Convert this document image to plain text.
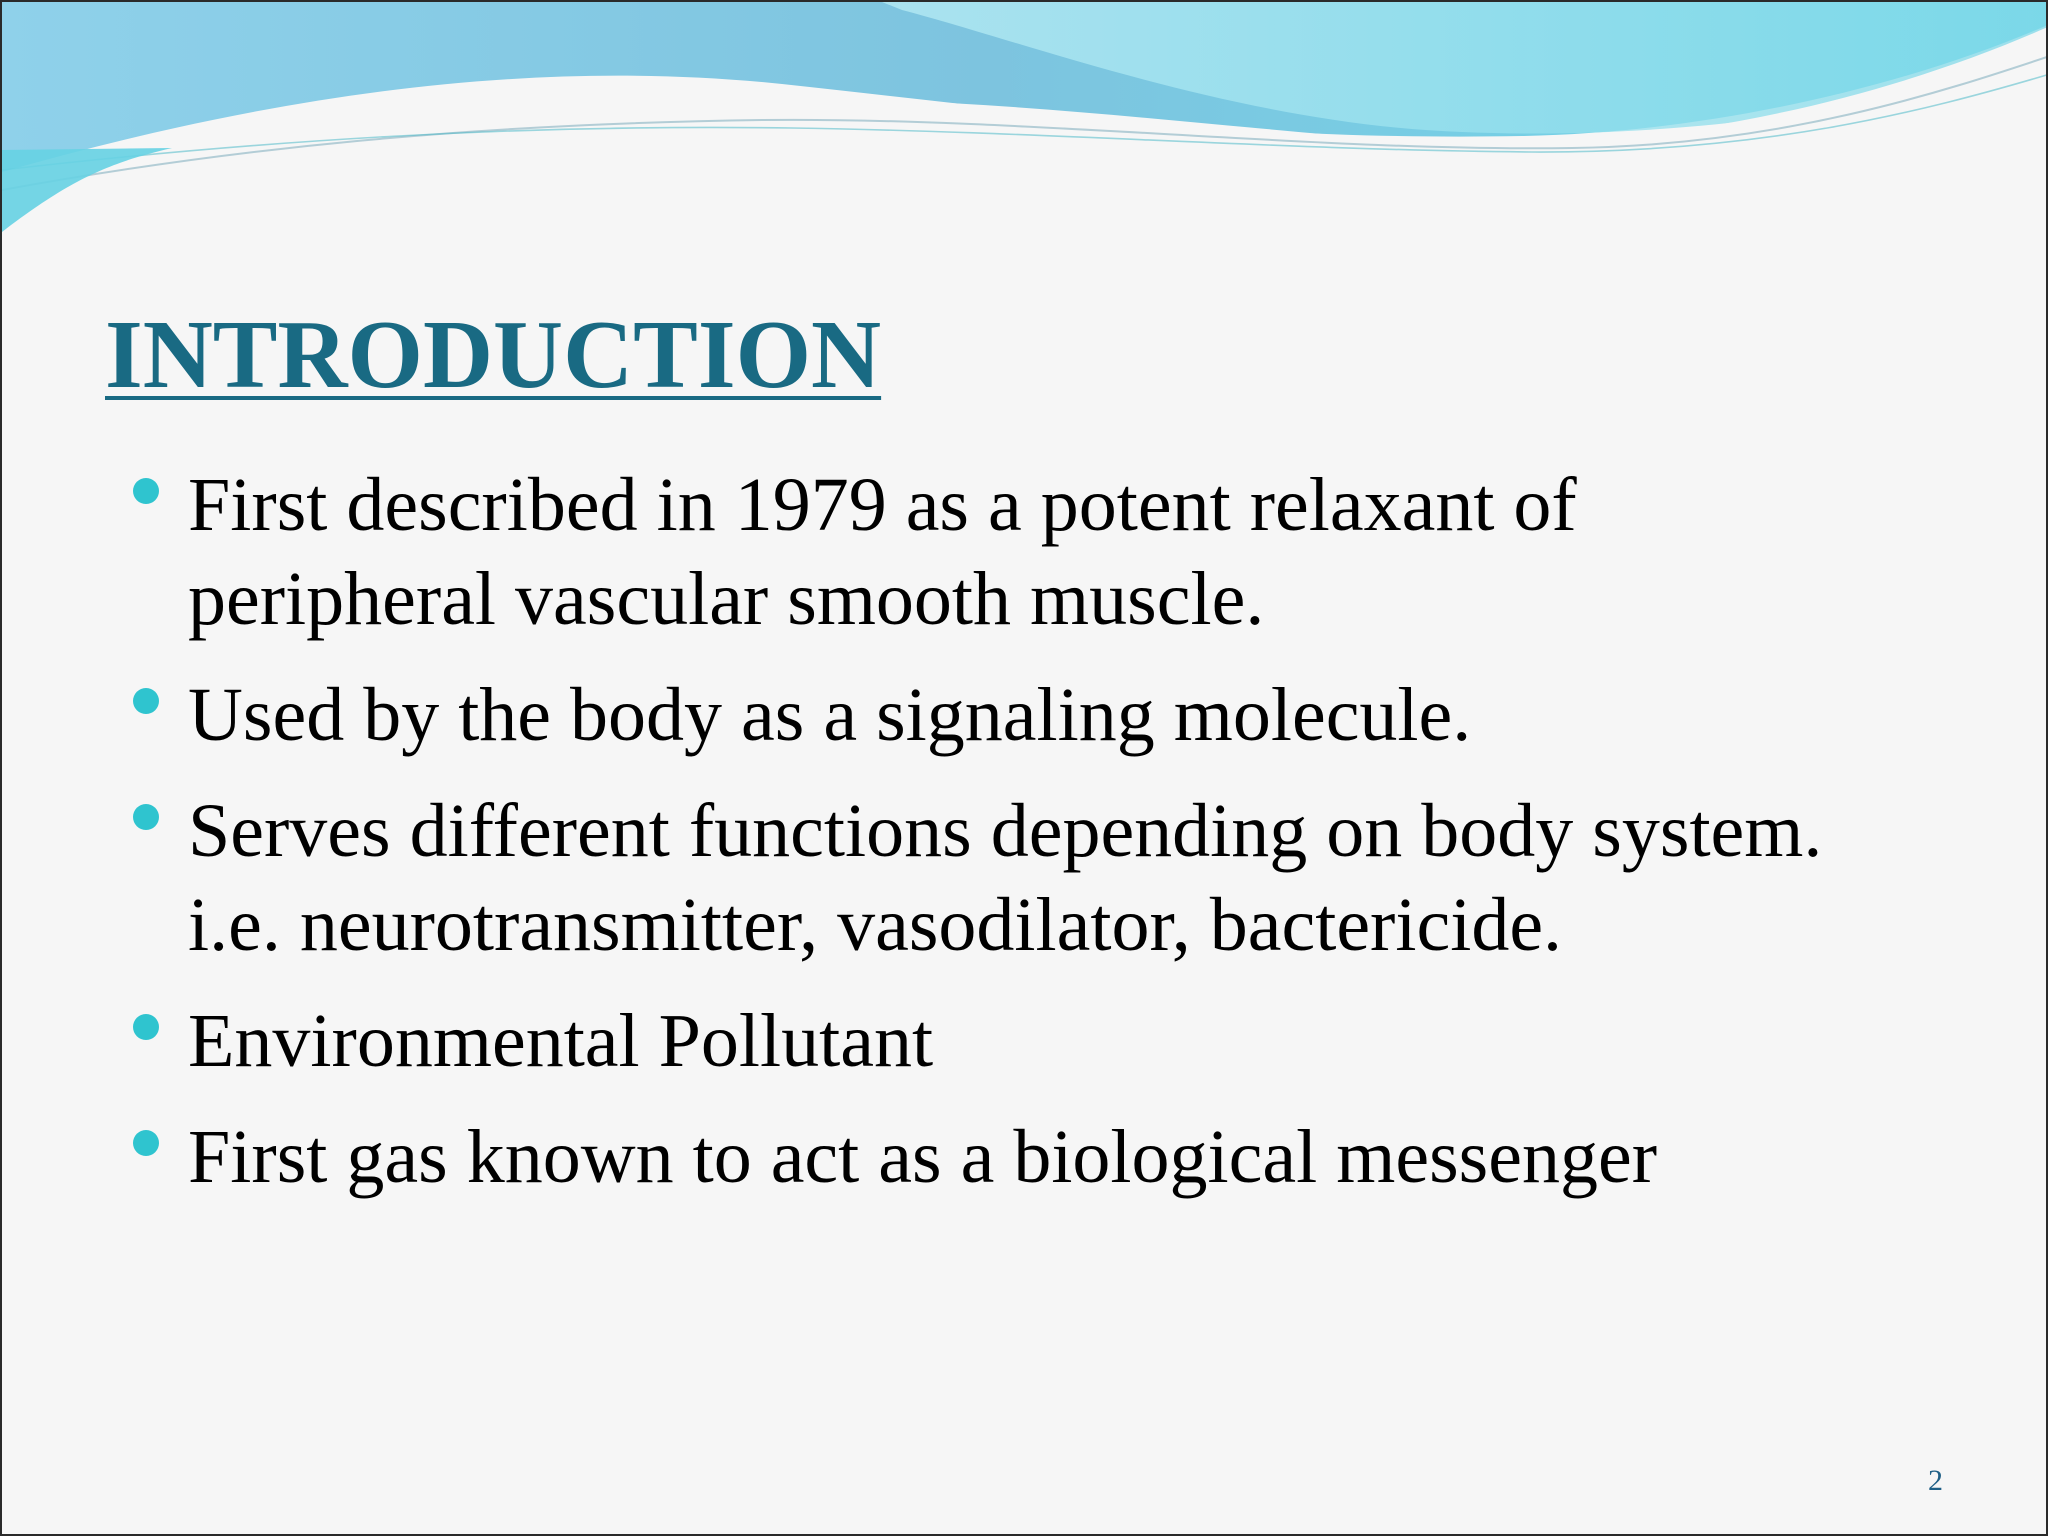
INTRODUCTION
First described in 1979 as a potent relaxant of
peripheral vascular smooth muscle.
Used by the body as a signaling molecule.
Serves different functions depending on body system.
i.e. neurotransmitter, vasodilator, bactericide.
Environmental Pollutant
First gas known to act as a biological messenger
2
